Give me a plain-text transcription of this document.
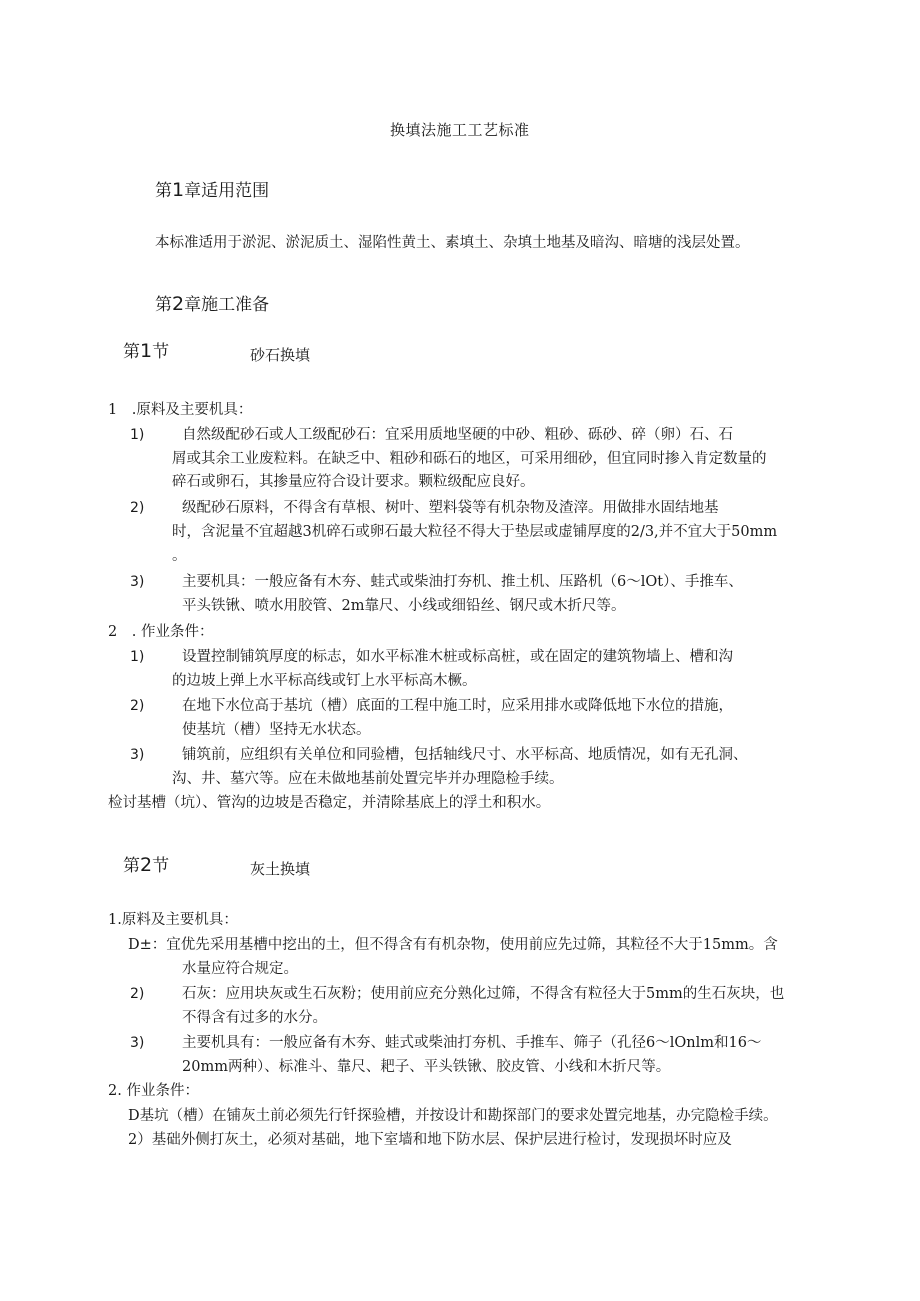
换填法施工工艺标准
第1章适用范围
本标准适用于淤泥、淤泥质土、湿陷性黄土、素填土、杂填土地基及暗沟、暗塘的浅层处置。
第2章施工准备
第1节	砂石换填
1　.原料及主要机具：
1)	自然级配砂石或人工级配砂石：宜采用质地坚硬的中砂、粗砂、砾砂、碎（卵）石、石
屑或其余工业废粒料。在缺乏中、粗砂和砾石的地区，可采用细砂，但宜同时掺入肯定数量的
碎石或卵石，其掺量应符合设计要求。颗粒级配应良好。
2)	级配砂石原料，不得含有草根、树叶、塑料袋等有机杂物及渣滓。用做排水固结地基
时，含泥量不宜超越3机碎石或卵石最大粒径不得大于垫层或虚铺厚度的2/3,并不宜大于50mm
。
3)	主要机具：一般应备有木夯、蛙式或柴油打夯机、推土机、压路机（6〜lOt）、手推车、
平头铁锹、喷水用胶管、2m靠尺、小线或细铅丝、钢尺或木折尺等。
2　. 作业条件：
1)	设置控制铺筑厚度的标志，如水平标准木桩或标高桩，或在固定的建筑物墙上、槽和沟
的边坡上弹上水平标高线或钉上水平标高木橛。
2)	在地下水位高于基坑（槽）底面的工程中施工时，应采用排水或降低地下水位的措施，
使基坑（槽）坚持无水状态。
3)	铺筑前，应组织有关单位和同验槽，包括轴线尺寸、水平标高、地质情况，如有无孔洞、
沟、井、墓穴等。应在未做地基前处置完毕并办理隐检手续。
检讨基槽（坑）、管沟的边坡是否稳定，并清除基底上的浮土和积水。
第2节	灰土换填
1.原料及主要机具：
D±：宜优先采用基槽中挖出的土，但不得含有有机杂物，使用前应先过筛，其粒径不大于15mm。含
水量应符合规定。
2)	石灰：应用块灰或生石灰粉；使用前应充分熟化过筛，不得含有粒径大于5mm的生石灰块，也
不得含有过多的水分。
3)	主要机具有：一般应备有木夯、蛙式或柴油打夯机、手推车、筛子（孔径6〜lOnlm和16〜
20mm两种）、标准斗、靠尺、耙子、平头铁锹、胶皮管、小线和木折尺等。
2. 作业条件：
D基坑（槽）在铺灰土前必须先行钎探验槽，并按设计和勘探部门的要求处置完地基，办完隐检手续。
2）基础外侧打灰土，必须对基础，地下室墙和地下防水层、保护层进行检讨，发现损坏时应及
